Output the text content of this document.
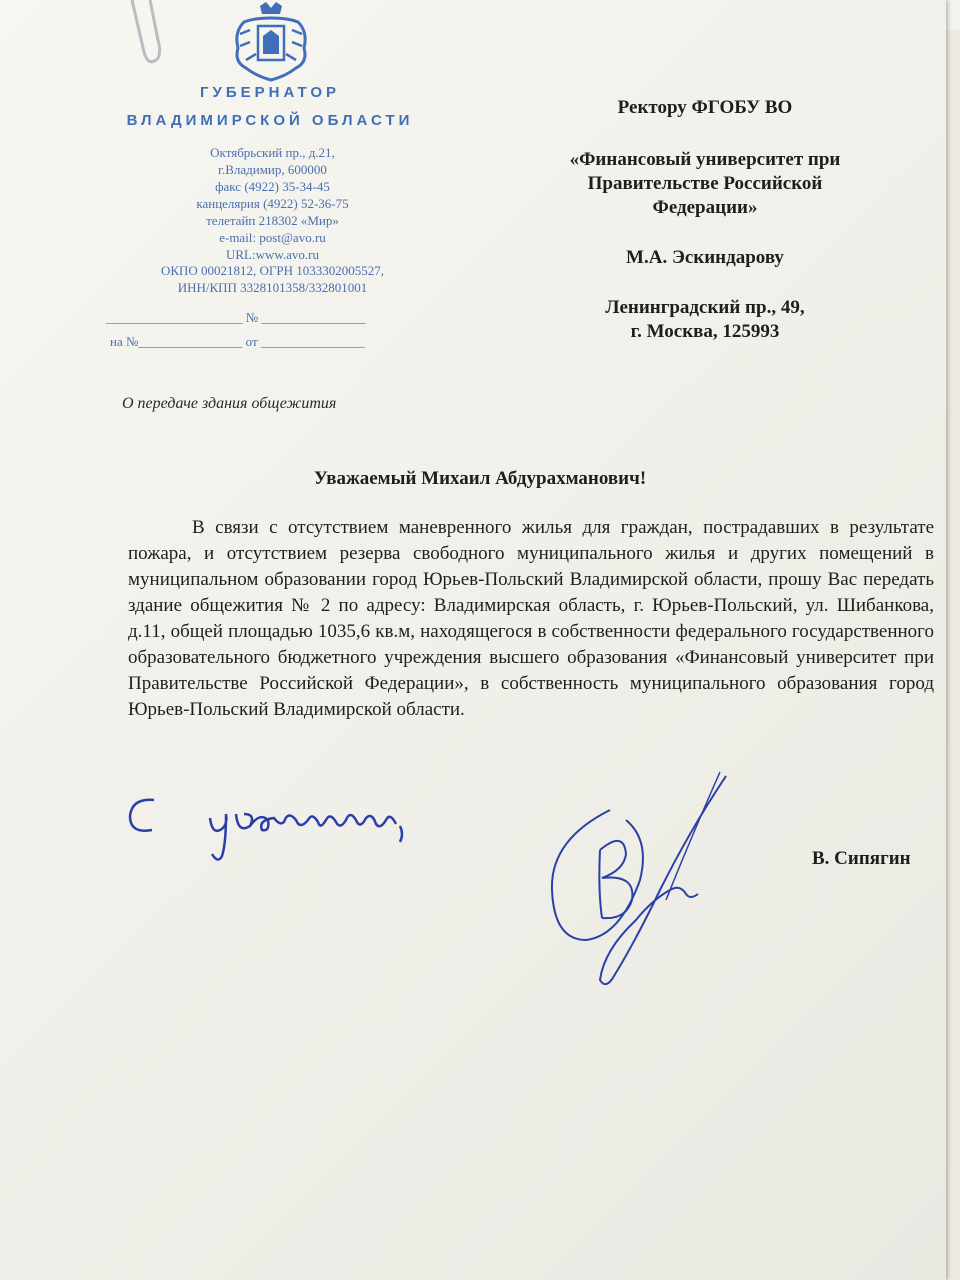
ГУБЕРНАТОР
ВЛАДИМИРСКОЙ ОБЛАСТИ
Октябрьский пр., д.21,
г.Владимир, 600000
факс (4922) 35-34-45
канцелярия (4922) 52-36-75
телетайп 218302 «Мир»
e-mail: post@avo.ru
URL:www.avo.ru
ОКПО 00021812, ОГРН 1033302005527,
ИНН/КПП 3328101358/332801001
_____________________ № ________________
на №________________ от ________________
О передаче здания общежития
Ректору ФГОБУ ВО
«Финансовый университет при
Правительстве Российской
Федерации»
М.А. Эскиндарову
Ленинградский пр., 49,
г. Москва, 125993
Уважаемый Михаил Абдурахманович!
В связи с отсутствием маневренного жилья для граждан, пострадавших в результате пожара, и отсутствием резерва свободного муниципального жилья и других помещений в муниципальном образовании город Юрьев-Польский Владимирской области, прошу Вас передать здание общежития № 2 по адресу: Владимирская область, г. Юрьев-Польский, ул. Шибанкова, д.11, общей площадью 1035,6 кв.м, находящегося в собственности федерального государственного образовательного бюджетного учреждения высшего образования «Финансовый университет при Правительстве Российской Федерации», в собственность муниципального образования город Юрьев-Польский Владимирской области.
В. Сипягин
